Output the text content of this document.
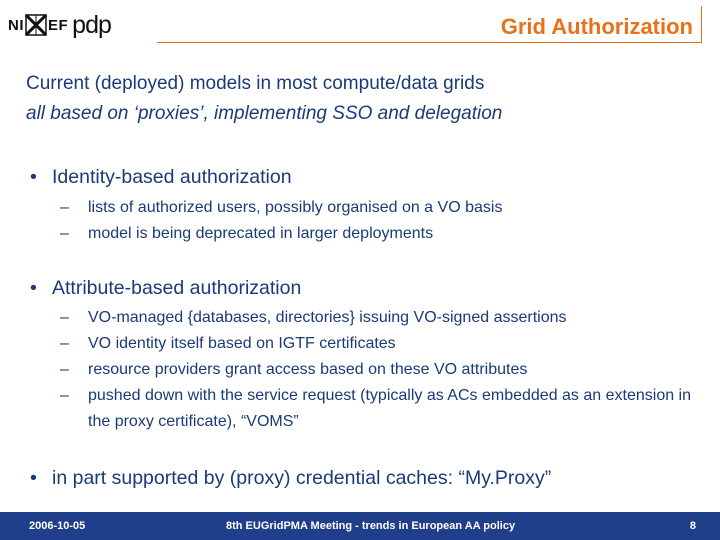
NI EF pdp	Grid Authorization
Current (deployed) models in most compute/data grids
all based on ‘proxies’, implementing SSO and delegation
• Identity-based authorization
– lists of authorized users, possibly organised on a VO basis
– model is being deprecated in larger deployments
• Attribute-based authorization
– VO-managed {databases, directories} issuing VO-signed assertions
– VO identity itself based on IGTF certificates
– resource providers grant access based on these VO attributes
– pushed down with the service request (typically as ACs embedded as an extension in the proxy certificate), “VOMS”
• in part supported by (proxy) credential caches: “My.Proxy”
2006-10-05	8th EUGridPMA Meeting - trends in European AA policy	8
